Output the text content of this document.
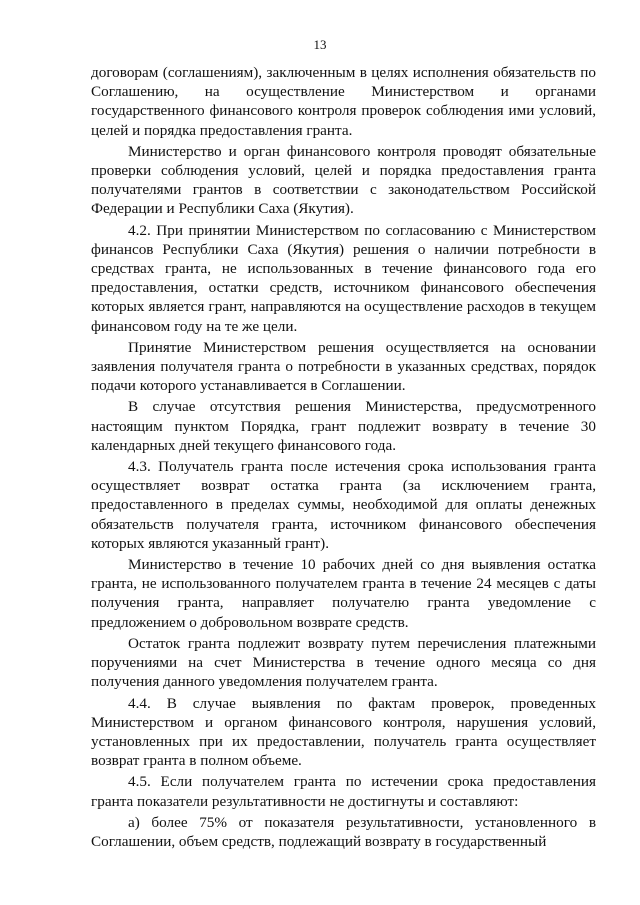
13

договорам (соглашениям), заключенным в целях исполнения обязательств по Соглашению, на осуществление Министерством и органами государственного финансового контроля проверок соблюдения ими условий, целей и порядка предоставления гранта.

Министерство и орган финансового контроля проводят обязательные проверки соблюдения условий, целей и порядка предоставления гранта получателями грантов в соответствии с законодательством Российской Федерации и Республики Саха (Якутия).

4.2. При принятии Министерством по согласованию с Министерством финансов Республики Саха (Якутия) решения о наличии потребности в средствах гранта, не использованных в течение финансового года его предоставления, остатки средств, источником финансового обеспечения которых является грант, направляются на осуществление расходов в текущем финансовом году на те же цели.

Принятие Министерством решения осуществляется на основании заявления получателя гранта о потребности в указанных средствах, порядок подачи которого устанавливается в Соглашении.

В случае отсутствия решения Министерства, предусмотренного настоящим пунктом Порядка, грант подлежит возврату в течение 30 календарных дней текущего финансового года.

4.3. Получатель гранта после истечения срока использования гранта осуществляет возврат остатка гранта (за исключением гранта, предоставленного в пределах суммы, необходимой для оплаты денежных обязательств получателя гранта, источником финансового обеспечения которых являются указанный грант).

Министерство в течение 10 рабочих дней со дня выявления остатка гранта, не использованного получателем гранта в течение 24 месяцев с даты получения гранта, направляет получателю гранта уведомление с предложением о добровольном возврате средств.

Остаток гранта подлежит возврату путем перечисления платежными поручениями на счет Министерства в течение одного месяца со дня получения данного уведомления получателем гранта.

4.4. В случае выявления по фактам проверок, проведенных Министерством и органом финансового контроля, нарушения условий, установленных при их предоставлении, получатель гранта осуществляет возврат гранта в полном объеме.

4.5. Если получателем гранта по истечении срока предоставления гранта показатели результативности не достигнуты и составляют:

а) более 75% от показателя результативности, установленного в Соглашении, объем средств, подлежащий возврату в государственный
